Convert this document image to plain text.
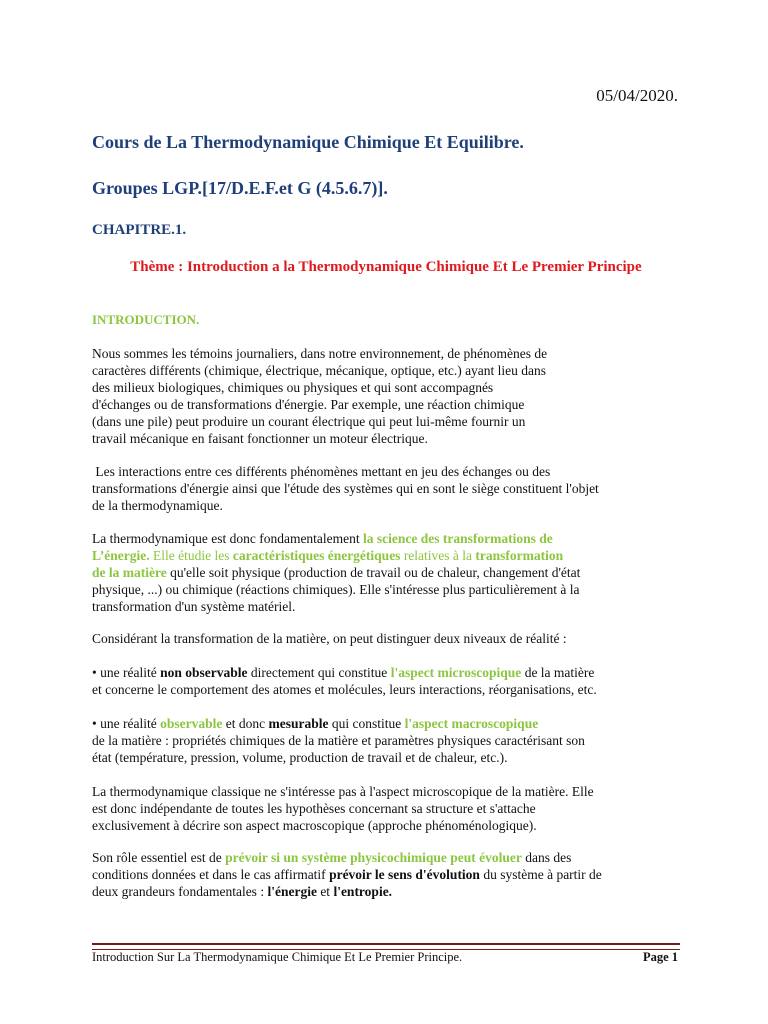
05/04/2020.
Cours de La Thermodynamique Chimique Et Equilibre.
Groupes LGP.[17/D.E.F.et G (4.5.6.7)].
CHAPITRE.1.
Thème : Introduction a la Thermodynamique Chimique Et Le Premier Principe
INTRODUCTION.
Nous sommes les témoins journaliers, dans notre environnement, de phénomènes de
caractères différents (chimique, électrique, mécanique, optique, etc.) ayant lieu dans
des milieux biologiques, chimiques ou physiques et qui sont accompagnés
d'échanges ou de transformations d'énergie. Par exemple, une réaction chimique
(dans une pile) peut produire un courant électrique qui peut lui-même fournir un
travail mécanique en faisant fonctionner un moteur électrique.
Les interactions entre ces différents phénomènes mettant en jeu des échanges ou des
transformations d'énergie ainsi que l'étude des systèmes qui en sont le siège constituent l'objet
de la thermodynamique.
La thermodynamique est donc fondamentalement la science des transformations de
L’énergie. Elle étudie les caractéristiques énergétiques relatives à la transformation
de la matière qu'elle soit physique (production de travail ou de chaleur, changement d'état
physique, ...) ou chimique (réactions chimiques). Elle s'intéresse plus particulièrement à la
transformation d'un système matériel.
Considérant la transformation de la matière, on peut distinguer deux niveaux de réalité :
• une réalité non observable directement qui constitue l'aspect microscopique de la matière
et concerne le comportement des atomes et molécules, leurs interactions, réorganisations, etc.
• une réalité observable et donc mesurable qui constitue l'aspect macroscopique
de la matière : propriétés chimiques de la matière et paramètres physiques caractérisant son
état (température, pression, volume, production de travail et de chaleur, etc.).
La thermodynamique classique ne s'intéresse pas à l'aspect microscopique de la matière. Elle
est donc indépendante de toutes les hypothèses concernant sa structure et s'attache
exclusivement à décrire son aspect macroscopique (approche phénoménologique).
Son rôle essentiel est de prévoir si un système physicochimique peut évoluer dans des
conditions données et dans le cas affirmatif prévoir le sens d'évolution du système à partir de
deux grandeurs fondamentales : l'énergie et l'entropie.
Introduction Sur La Thermodynamique Chimique Et Le Premier Principe.	Page 1
